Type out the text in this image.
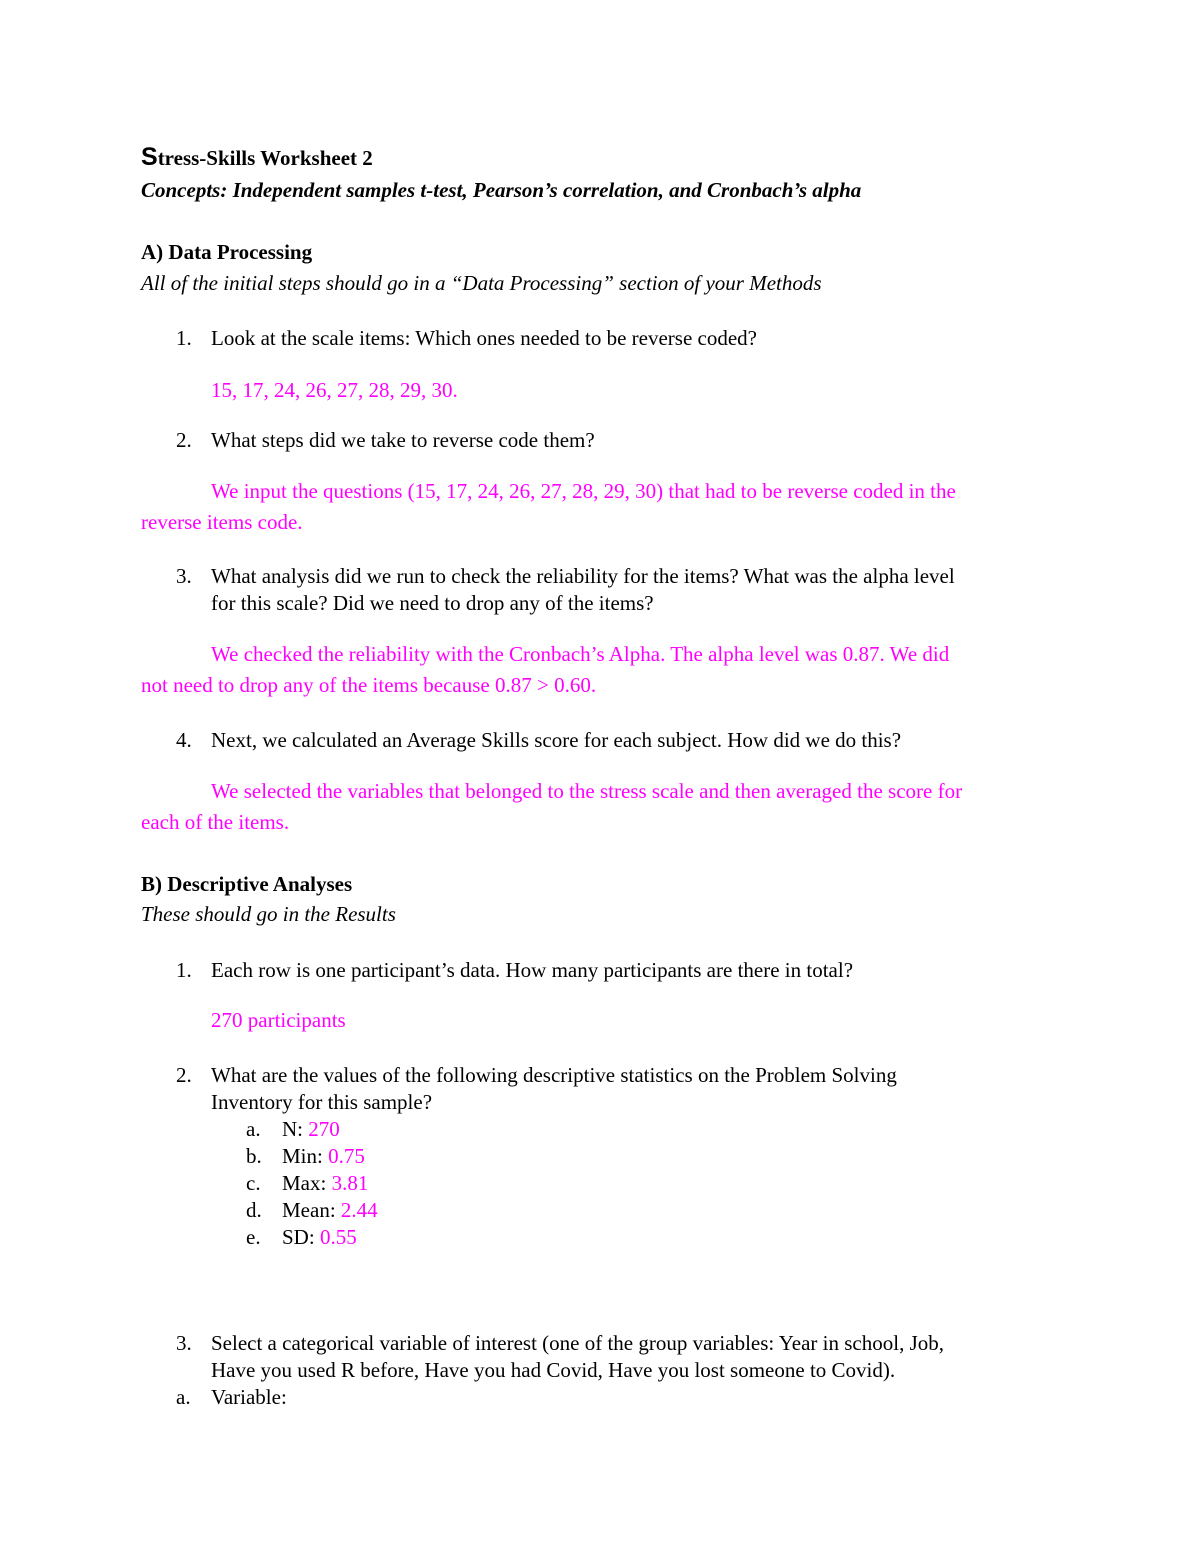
Stress-Skills Worksheet 2
Concepts: Independent samples t-test, Pearson’s correlation, and Cronbach’s alpha
A) Data Processing
All of the initial steps should go in a “Data Processing” section of your Methods
1. Look at the scale items: Which ones needed to be reverse coded?
15, 17, 24, 26, 27, 28, 29, 30.
2. What steps did we take to reverse code them?
We input the questions (15, 17, 24, 26, 27, 28, 29, 30) that had to be reverse coded in the
reverse items code.
3. What analysis did we run to check the reliability for the items? What was the alpha level
for this scale? Did we need to drop any of the items?
We checked the reliability with the Cronbach’s Alpha. The alpha level was 0.87. We did
not need to drop any of the items because 0.87 > 0.60.
4. Next, we calculated an Average Skills score for each subject. How did we do this?
We selected the variables that belonged to the stress scale and then averaged the score for
each of the items.
B) Descriptive Analyses
These should go in the Results
1. Each row is one participant’s data. How many participants are there in total?
270 participants
2. What are the values of the following descriptive statistics on the Problem Solving
Inventory for this sample?
a. N: 270
b. Min: 0.75
c. Max: 3.81
d. Mean: 2.44
e. SD: 0.55
3. Select a categorical variable of interest (one of the group variables: Year in school, Job,
Have you used R before, Have you had Covid, Have you lost someone to Covid).
a. Variable:
